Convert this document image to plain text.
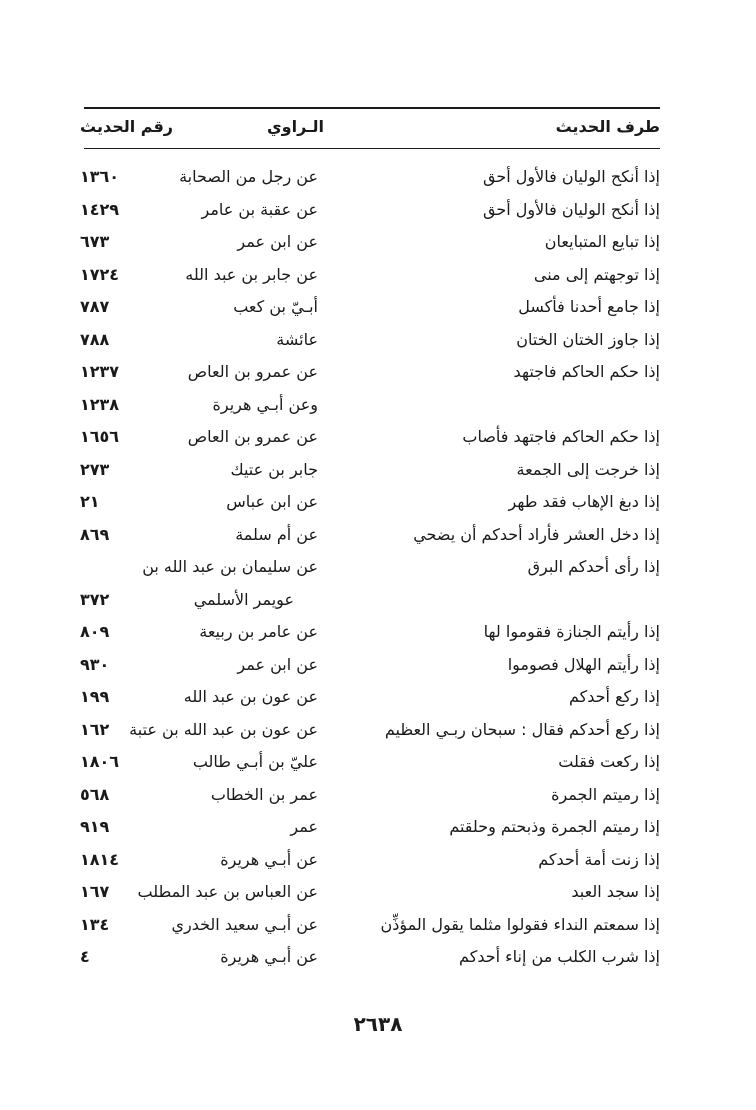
طرف الحديث
الـراوي
رقم الحديث
إذا أنكح الوليان فالأول أحق
عن رجل من الصحابة
١٣٦٠
إذا أنكح الوليان فالأول أحق
عن عقبة بن عامر
١٤٢٩
إذا تبايع المتبايعان
عن ابن عمر
٦٧٣
إذا توجهتم إلى منى
عن جابر بن عبد الله
١٧٢٤
إذا جامع أحدنا فأكسل
أبـيّ بن كعب
٧٨٧
إذا جاوز الختان الختان
عائشة
٧٨٨
إذا حكم الحاكم فاجتهد
عن عمرو بن العاص
١٢٣٧
وعن أبـي هريرة
١٢٣٨
إذا حكم الحاكم فاجتهد فأصاب
عن عمرو بن العاص
١٦٥٦
إذا خرجت إلى الجمعة
جابر بن عتيك
٢٧٣
إذا دبغ الإهاب فقد طهر
عن ابن عباس
٢١
إذا دخل العشر فأراد أحدكم أن يضحي
عن أم سلمة
٨٦٩
إذا رأى أحدكم البرق
عن سليمان بن عبد الله بن
عويمر الأسلمي
٣٧٢
إذا رأيتم الجنازة فقوموا لها
عن عامر بن ربيعة
٨٠٩
إذا رأيتم الهلال فصوموا
عن ابن عمر
٩٣٠
إذا ركع أحدكم
عن عون بن عبد الله
١٩٩
إذا ركع أحدكم فقال : سبحان ربـي العظيم
عن عون بن عبد الله بن عتبة
١٦٢
إذا ركعت فقلت
عليّ بن أبـي طالب
١٨٠٦
إذا رميتم الجمرة
عمر بن الخطاب
٥٦٨
إذا رميتم الجمرة وذبحتم وحلقتم
عمر
٩١٩
إذا زنت أمة أحدكم
عن أبـي هريرة
١٨١٤
إذا سجد العبد
عن العباس بن عبد المطلب
١٦٧
إذا سمعتم النداء فقولوا مثلما يقول المؤذِّن
عن أبـي سعيد الخدري
١٣٤
إذا شرب الكلب من إناء أحدكم
عن أبـي هريرة
٤
٢٦٣٨
